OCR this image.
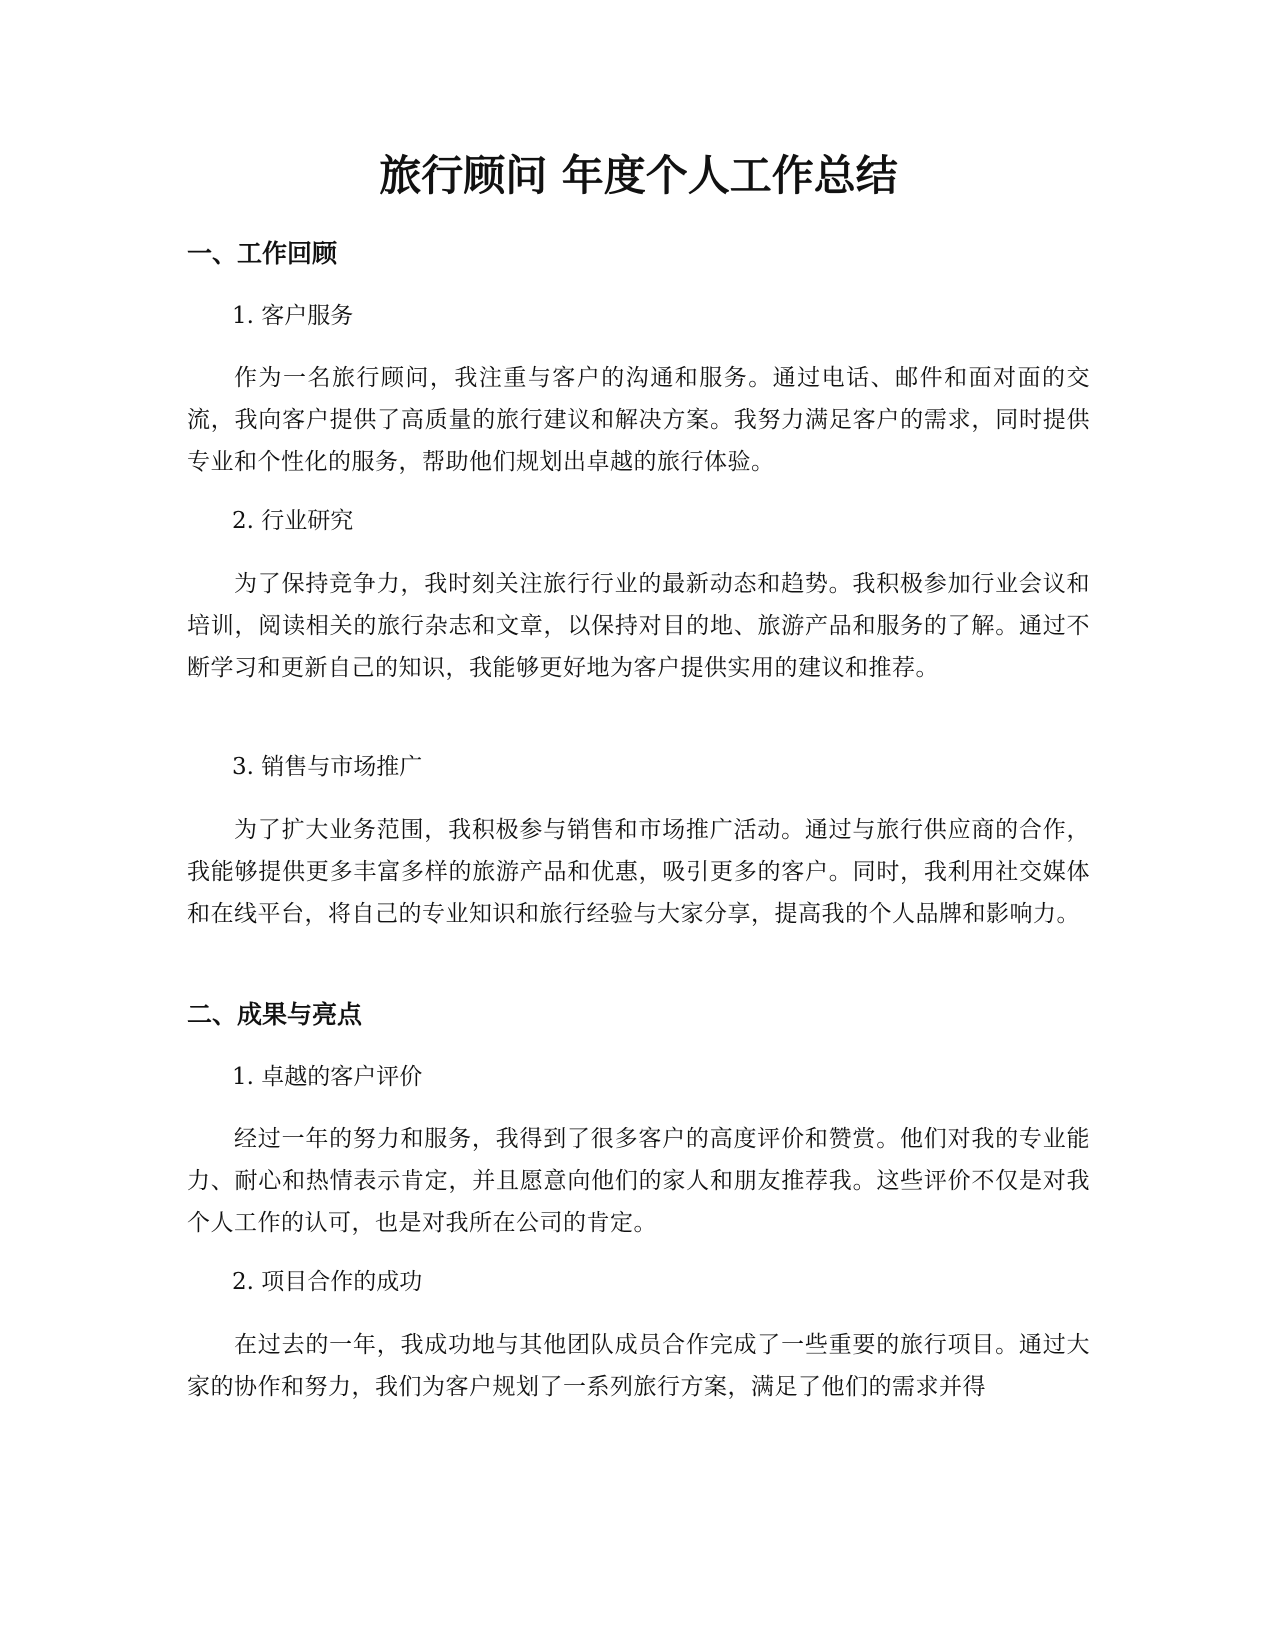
旅行顾问 年度个人工作总结
一、工作回顾

1. 客户服务

作为一名旅行顾问，我注重与客户的沟通和服务。通过电话、邮件和面对面的交流，我向客户提供了高质量的旅行建议和解决方案。我努力满足客户的需求，同时提供专业和个性化的服务，帮助他们规划出卓越的旅行体验。

2. 行业研究

为了保持竞争力，我时刻关注旅行行业的最新动态和趋势。我积极参加行业会议和培训，阅读相关的旅行杂志和文章，以保持对目的地、旅游产品和服务的了解。通过不断学习和更新自己的知识，我能够更好地为客户提供实用的建议和推荐。

3. 销售与市场推广

为了扩大业务范围，我积极参与销售和市场推广活动。通过与旅行供应商的合作，我能够提供更多丰富多样的旅游产品和优惠，吸引更多的客户。同时，我利用社交媒体和在线平台，将自己的专业知识和旅行经验与大家分享，提高我的个人品牌和影响力。

二、成果与亮点

1. 卓越的客户评价

经过一年的努力和服务，我得到了很多客户的高度评价和赞赏。他们对我的专业能力、耐心和热情表示肯定，并且愿意向他们的家人和朋友推荐我。这些评价不仅是对我个人工作的认可，也是对我所在公司的肯定。

2. 项目合作的成功

在过去的一年，我成功地与其他团队成员合作完成了一些重要的旅行项目。通过大家的协作和努力，我们为客户规划了一系列旅行方案，满足了他们的需求并得
